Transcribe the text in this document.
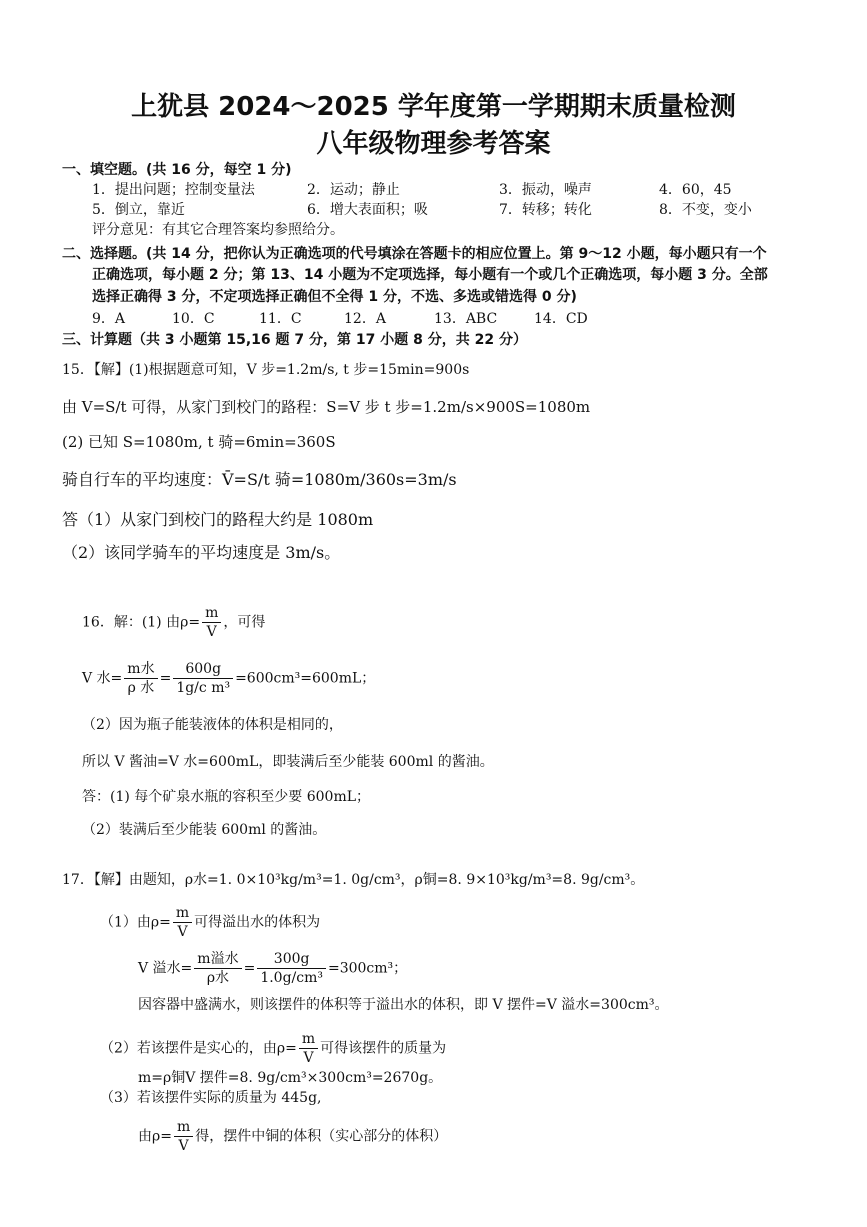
上犹县 2024～2025 学年度第一学期期末质量检测
八年级物理参考答案
一、填空题。(共 16 分，每空 1 分)
1．提出问题；控制变量法	2．运动；静止	3．振动，噪声	4．60，45
5．倒立，靠近	6．增大表面积；吸	7．转移；转化	8．不变，变小
评分意见：有其它合理答案均参照给分。
二、选择题。(共 14 分，把你认为正确选项的代号填涂在答题卡的相应位置上。第 9～12 小题，每小题只有一个
正确选项，每小题 2 分；第 13、14 小题为不定项选择，每小题有一个或几个正确选项，每小题 3 分。全部
选择正确得 3 分，不定项选择正确但不全得 1 分，不选、多选或错选得 0 分)
9．A	10．C	11．C	12．A	13．ABC	14．CD
三、计算题（共 3 小题第 15,16 题 7 分，第 17 小题 8 分，共 22 分）
15．【解】(1)根据题意可知，V 步=1.2m/s, t 步=15min=900s
由 V=S/t 可得，从家门到校门的路程：S=V 步 t 步=1.2m/s×900S=1080m
(2) 已知 S=1080m, t 骑=6min=360S
骑自行车的平均速度：V̄=S/t 骑=1080m/360s=3m/s
答（1）从家门到校门的路程大约是 1080m
（2）该同学骑车的平均速度是 3m/s。
16．解：(1) 由$\rho= \frac{m}{V}$ ，可得
V 水= $\frac{\text{m水}}{\text{ρ 水}} = \frac{600g}{\text{1g/c m³}} =600cm^3=600mL$；
（2）因为瓶子能装液体的体积是相同的，
所以 V 酱油=V 水=600mL，即装满后至少能装 600ml 的酱油。
答：(1) 每个矿泉水瓶的容积至少要 600mL；
（2）装满后至少能装 600ml 的酱油。
17．【解】由题知，ρ水=1. 0×10³kg/m³=1. 0g/cm³，ρ铜=8. 9×10³kg/m³=8. 9g/cm³。
（1）由$\rho= \frac{m}{V}$ 可得溢出水的体积为
V 溢水= $\frac{\text{m溢水}}{\text{ρ水}} = \frac{300g}{\text{1.0g/cm³}} =300cm^3$；
因容器中盛满水，则该摆件的体积等于溢出水的体积，即 V 摆件=V 溢水=300cm³。
（2）若该摆件是实心的，由$\rho= \frac{m}{V}$ 可得该摆件的质量为
m=ρ铜V 摆件=8. 9g/cm³×300cm³=2670g。
（3）若该摆件实际的质量为 445g,
由$\rho= \frac{m}{V}$ 得，摆件中铜的体积（实心部分的体积）
